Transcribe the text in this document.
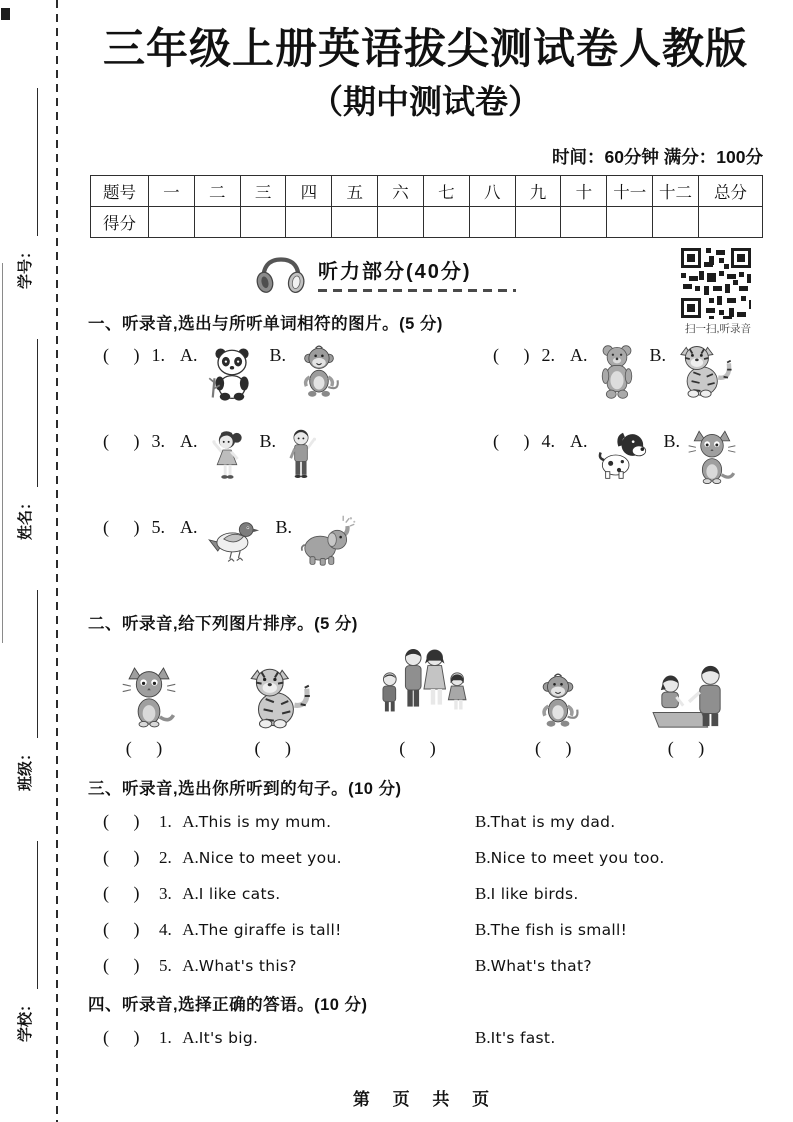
学号：
姓名：
班级：
学校：
三年级上册英语拔尖测试卷人教版
（期中测试卷）
时间：60分钟 满分：100分
题号	一	二	三	四	五	六	七	八	九	十	十一	十二	总分
得分													
听力部分(40分)
扫一扫,听录音
一、听录音,选出与所听单词相符的图片。(5 分)
( ) 1. A.	B.	( ) 2. A.	B.
( ) 3. A.	B.	( ) 4. A.	B.
( ) 5. A.	B.
二、听录音,给下列图片排序。(5 分)
( )	( )	( )	( )	( )
三、听录音,选出你所听到的句子。(10 分)
( ) 1. A.This is my mum.	B.That is my dad.
( ) 2. A.Nice to meet you.	B.Nice to meet you too.
( ) 3. A.I like cats.	B.I like birds.
( ) 4. A.The giraffe is tall!	B.The fish is small!
( ) 5. A.What's this?	B.What's that?
四、听录音,选择正确的答语。(10 分)
( ) 1. A.It's big.	B.It's fast.
第 页 共 页
